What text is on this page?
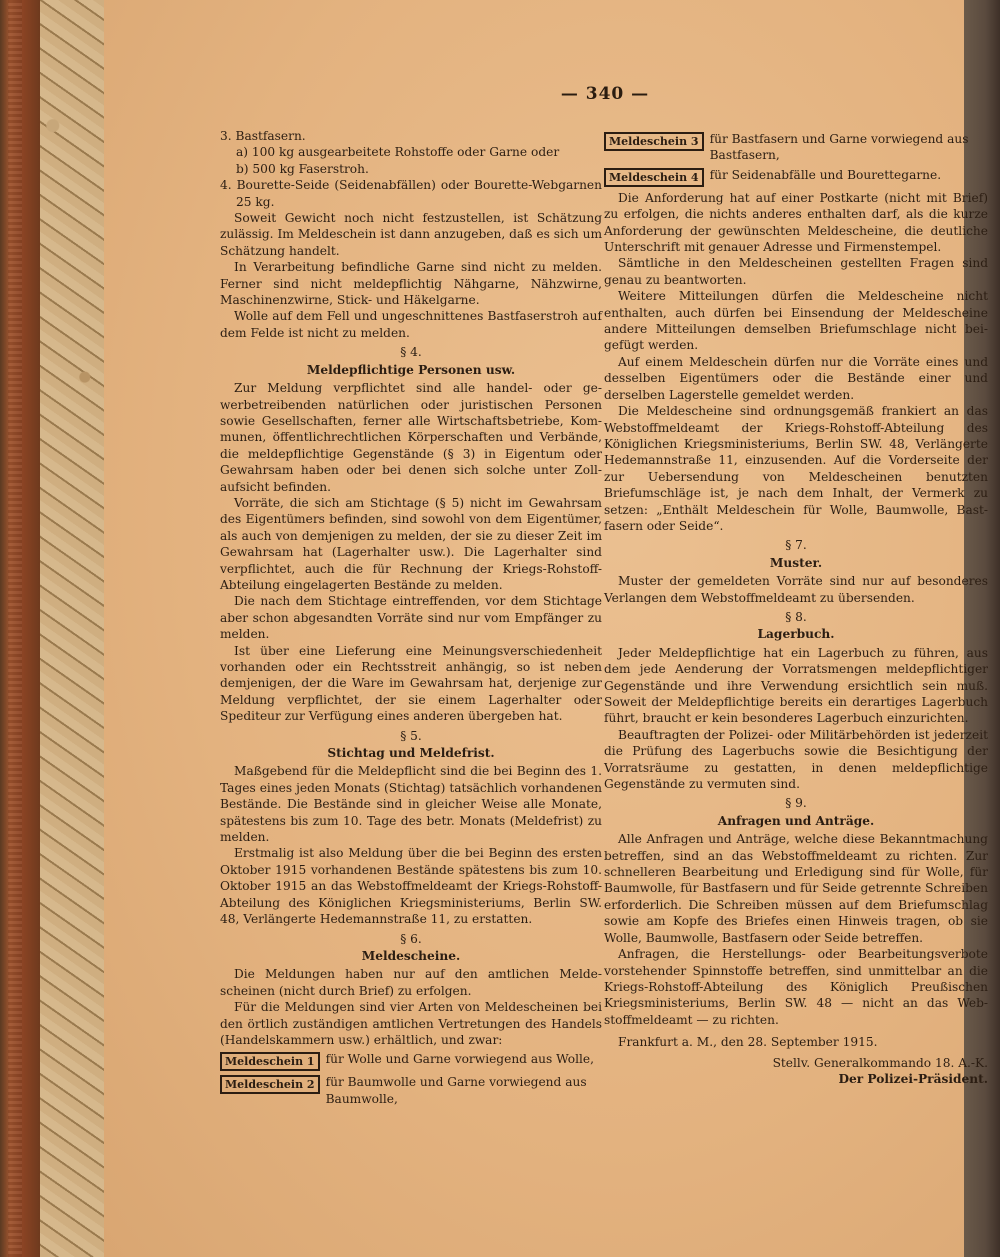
— 340 —

3. Bastfasern.

a) 100 kg ausgearbeitete Rohstoffe oder Garne oder

b) 500 kg Faserstroh.

4. Bourette-Seide (Seidenabfällen) oder Bourette-Webgarnen 25 kg.

Soweit Gewicht noch nicht festzustellen, ist Schätzung zulässig. Im Meldeschein ist dann anzugeben, daß es sich um Schätzung handelt.

In Verarbeitung befindliche Garne sind nicht zu melden. Ferner sind nicht meldepflichtig Nähgarne, Nähzwirne, Maschinenzwirne, Stick- und Häkelgarne.

Wolle auf dem Fell und ungeschnittenes Bastfaserstroh auf dem Felde ist nicht zu melden.

§ 4.

Meldepflichtige Personen usw.

Zur Meldung verpflichtet sind alle handel- oder gewerbetreibenden natürlichen oder juristischen Personen sowie Gesellschaften, ferner alle Wirtschaftsbetriebe, Kommunen, öffentlichrechtlichen Körperschaften und Verbände, die meldepflichtige Gegenstände (§ 3) in Eigentum oder Gewahrsam haben oder bei denen sich solche unter Zollaufsicht befinden.

Vorräte, die sich am Stichtage (§ 5) nicht im Gewahrsam des Eigentümers befinden, sind sowohl von dem Eigentümer, als auch von demjenigen zu melden, der sie zu dieser Zeit im Gewahrsam hat (Lagerhalter usw.). Die Lagerhalter sind verpflichtet, auch die für Rechnung der Kriegs-Rohstoff-Abteilung eingelagerten Bestände zu melden.

Die nach dem Stichtage eintreffenden, vor dem Stichtage aber schon abgesandten Vorräte sind nur vom Empfänger zu melden.

Ist über eine Lieferung eine Meinungsverschiedenheit vorhanden oder ein Rechtsstreit anhängig, so ist neben demjenigen, der die Ware im Gewahrsam hat, derjenige zur Meldung verpflichtet, der sie einem Lagerhalter oder Spediteur zur Verfügung eines anderen übergeben hat.

§ 5.

Stichtag und Meldefrist.

Maßgebend für die Meldepflicht sind die bei Beginn des 1. Tages eines jeden Monats (Stichtag) tatsächlich vorhandenen Bestände. Die Bestände sind in gleicher Weise alle Monate, spätestens bis zum 10. Tage des betr. Monats (Meldefrist) zu melden.

Erstmalig ist also Meldung über die bei Beginn des ersten Oktober 1915 vorhandenen Bestände spätestens bis zum 10. Oktober 1915 an das Webstoffmeldeamt der Kriegs-Rohstoff-Abteilung des Königlichen Kriegsministeriums, Berlin SW. 48, Verlängerte Hedemannstraße 11, zu erstatten.

§ 6.

Meldescheine.

Die Meldungen haben nur auf den amtlichen Meldescheinen (nicht durch Brief) zu erfolgen.

Für die Meldungen sind vier Arten von Meldescheinen bei den örtlich zuständigen amtlichen Vertretungen des Handels (Handelskammern usw.) erhältlich, und zwar:

Meldeschein 1 für Wolle und Garne vorwiegend aus Wolle,
Meldeschein 2 für Baumwolle und Garne vorwiegend aus Baumwolle,
Meldeschein 3 für Bastfasern und Garne vorwiegend aus Bastfasern,
Meldeschein 4 für Seidenabfälle und Bourettegarne.

Die Anforderung hat auf einer Postkarte (nicht mit Brief) zu erfolgen, die nichts anderes enthalten darf, als die kurze Anforderung der gewünschten Meldescheine, die deutliche Unterschrift mit genauer Adresse und Firmenstempel.

Sämtliche in den Meldescheinen gestellten Fragen sind genau zu beantworten.

Weitere Mitteilungen dürfen die Meldescheine nicht enthalten, auch dürfen bei Einsendung der Meldescheine andere Mitteilungen demselben Briefumschlage nicht beigefügt werden.

Auf einem Meldeschein dürfen nur die Vorräte eines und desselben Eigentümers oder die Bestände einer und derselben Lagerstelle gemeldet werden.

Die Meldescheine sind ordnungsgemäß frankiert an das Webstoffmeldeamt der Kriegs-Rohstoff-Abteilung des Königlichen Kriegsministeriums, Berlin SW. 48, Verlängerte Hedemannstraße 11, einzusenden. Auf die Vorderseite der zur Uebersendung von Meldescheinen benutzten Briefumschläge ist, je nach dem Inhalt, der Vermerk zu setzen: „Enthält Meldeschein für Wolle, Baumwolle, Bastfasern oder Seide“.

§ 7.

Muster.

Muster der gemeldeten Vorräte sind nur auf besonderes Verlangen dem Webstoffmeldeamt zu übersenden.

§ 8.

Lagerbuch.

Jeder Meldepflichtige hat ein Lagerbuch zu führen, aus dem jede Aenderung der Vorratsmengen meldepflichtiger Gegenstände und ihre Verwendung ersichtlich sein muß. Soweit der Meldepflichtige bereits ein derartiges Lagerbuch führt, braucht er kein besonderes Lagerbuch einzurichten.

Beauftragten der Polizei- oder Militärbehörden ist jederzeit die Prüfung des Lagerbuchs sowie die Besichtigung der Vorratsräume zu gestatten, in denen meldepflichtige Gegenstände zu vermuten sind.

§ 9.

Anfragen und Anträge.

Alle Anfragen und Anträge, welche diese Bekanntmachung betreffen, sind an das Webstoffmeldeamt zu richten. Zur schnelleren Bearbeitung und Erledigung sind für Wolle, für Baumwolle, für Bastfasern und für Seide getrennte Schreiben erforderlich. Die Schreiben müssen auf dem Briefumschlag sowie am Kopfe des Briefes einen Hinweis tragen, ob sie Wolle, Baumwolle, Bastfasern oder Seide betreffen.

Anfragen, die Herstellungs- oder Bearbeitungsverbote vorstehender Spinnstoffe betreffen, sind unmittelbar an die Kriegs-Rohstoff-Abteilung des Königlich Preußischen Kriegsministeriums, Berlin SW. 48 — nicht an das Webstoffmeldeamt — zu richten.

Frankfurt a. M., den 28. September 1915.

Stellv. Generalkommando 18. A.-K.

Der Polizei-Präsident.
